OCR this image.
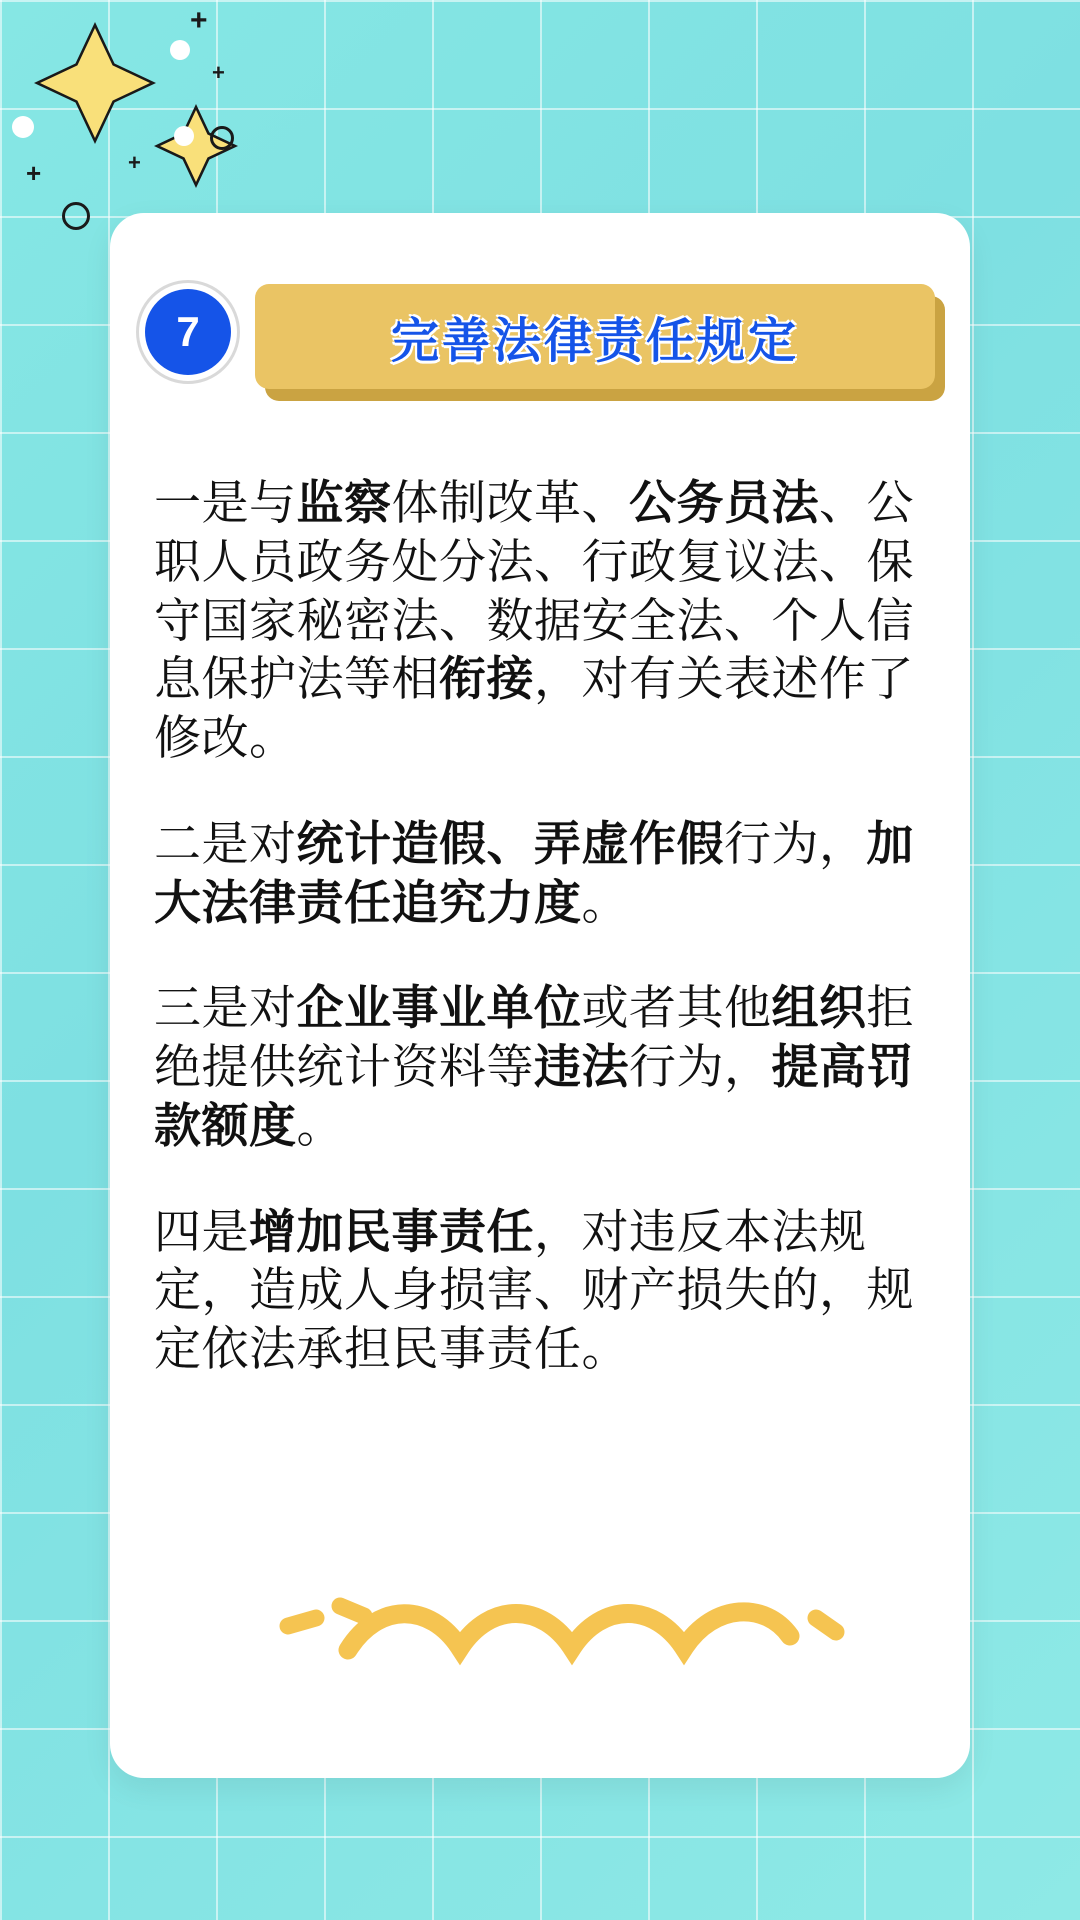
+
+
+	+
7	完善法律责任规定

一是与监察体制改革、公务员法、公职人员政务处分法、行政复议法、保守国家秘密法、数据安全法、个人信息保护法等相衔接，对有关表述作了修改。

二是对统计造假、弄虚作假行为，加大法律责任追究力度。

三是对企业事业单位或者其他组织拒绝提供统计资料等违法行为，提高罚款额度。

四是增加民事责任，对违反本法规定，造成人身损害、财产损失的，规定依法承担民事责任。
